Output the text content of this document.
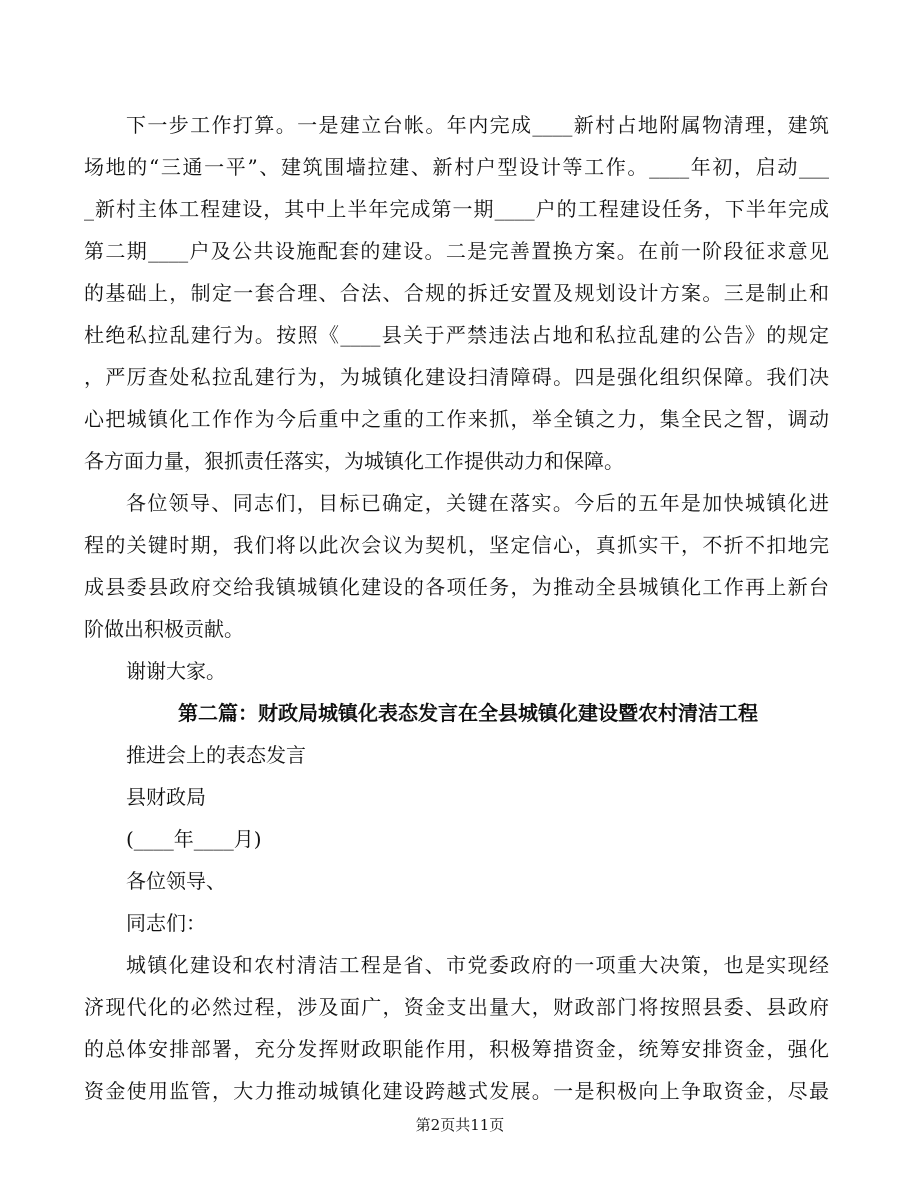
下一步工作打算。一是建立台帐。年内完成____新村占地附属物清理，建筑
场地的“三通一平”、建筑围墙拉建、新村户型设计等工作。____年初，启动___
_新村主体工程建设，其中上半年完成第一期____户的工程建设任务，下半年完成
第二期____户及公共设施配套的建设。二是完善置换方案。在前一阶段征求意见
的基础上，制定一套合理、合法、合规的拆迁安置及规划设计方案。三是制止和
杜绝私拉乱建行为。按照《____县关于严禁违法占地和私拉乱建的公告》的规定
，严厉查处私拉乱建行为，为城镇化建设扫清障碍。四是强化组织保障。我们决
心把城镇化工作作为今后重中之重的工作来抓，举全镇之力，集全民之智，调动
各方面力量，狠抓责任落实，为城镇化工作提供动力和保障。
各位领导、同志们，目标已确定，关键在落实。今后的五年是加快城镇化进
程的关键时期，我们将以此次会议为契机，坚定信心，真抓实干，不折不扣地完
成县委县政府交给我镇城镇化建设的各项任务，为推动全县城镇化工作再上新台
阶做出积极贡献。
谢谢大家。
第二篇：财政局城镇化表态发言在全县城镇化建设暨农村清洁工程
推进会上的表态发言
县财政局
(____年____月)
各位领导、
同志们：
城镇化建设和农村清洁工程是省、市党委政府的一项重大决策，也是实现经
济现代化的必然过程，涉及面广，资金支出量大，财政部门将按照县委、县政府
的总体安排部署，充分发挥财政职能作用，积极筹措资金，统筹安排资金，强化
资金使用监管，大力推动城镇化建设跨越式发展。一是积极向上争取资金，尽最
第2页共11页
